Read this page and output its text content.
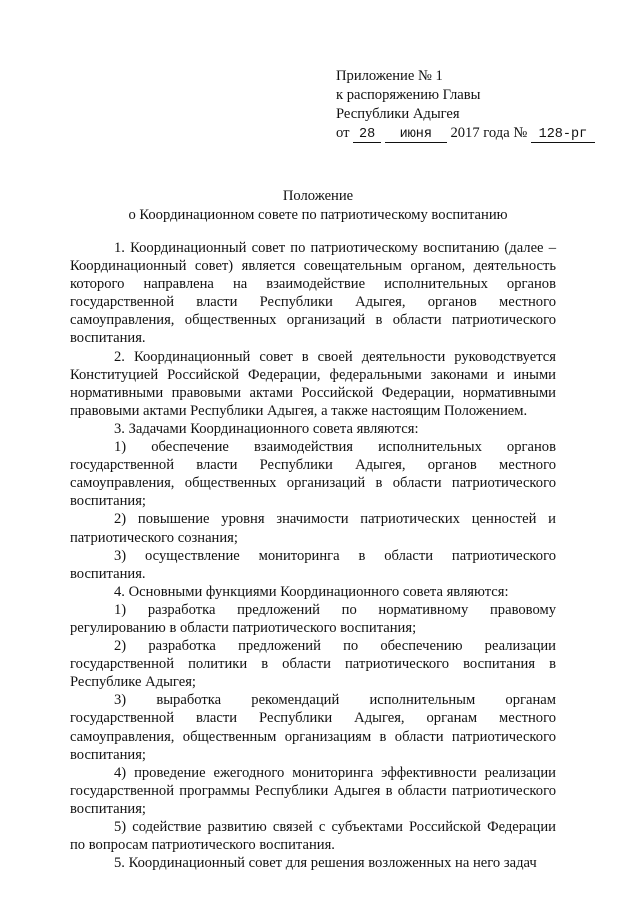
Приложение № 1
к распоряжению Главы
Республики Адыгея
от 28 июня 2017 года № 128-рг
Положение
о Координационном совете по патриотическому воспитанию

1. Координационный совет по патриотическому воспитанию (далее – Координационный совет) является совещательным органом, деятельность которого направлена на взаимодействие исполнительных органов государственной власти Республики Адыгея, органов местного самоуправления, общественных организаций в области патриотического воспитания.

2. Координационный совет в своей деятельности руководствуется Конституцией Российской Федерации, федеральными законами и иными нормативными правовыми актами Российской Федерации, нормативными правовыми актами Республики Адыгея, а также настоящим Положением.

3. Задачами Координационного совета являются:

1) обеспечение взаимодействия исполнительных органов государственной власти Республики Адыгея, органов местного самоуправления, общественных организаций в области патриотического воспитания;

2) повышение уровня значимости патриотических ценностей и патриотического сознания;

3) осуществление мониторинга в области патриотического воспитания.

4. Основными функциями Координационного совета являются:

1) разработка предложений по нормативному правовому регулированию в области патриотического воспитания;

2) разработка предложений по обеспечению реализации государственной политики в области патриотического воспитания в Республике Адыгея;

3) выработка рекомендаций исполнительным органам государственной власти Республики Адыгея, органам местного самоуправления, общественным организациям в области патриотического воспитания;

4) проведение ежегодного мониторинга эффективности реализации государственной программы Республики Адыгея в области патриотического воспитания;

5) содействие развитию связей с субъектами Российской Федерации по вопросам патриотического воспитания.

5. Координационный совет для решения возложенных на него задач
